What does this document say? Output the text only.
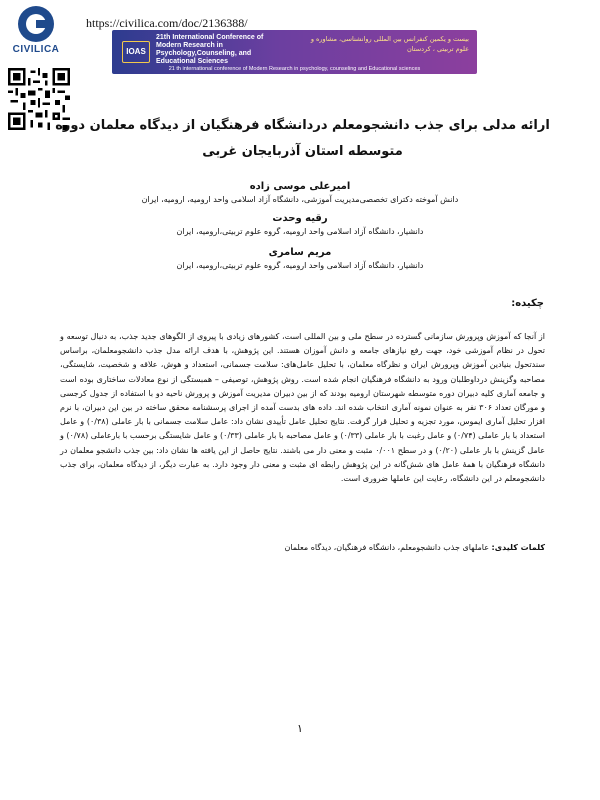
CIVILICA
https://civilica.com/doc/2136388/
IOAS
21th International Conference of Modern Research in Psychology,Counseling, and Educational Sciences
بیست و یکمین کنفرانس بین المللی روانشناسی، مشاوره و علوم تربیتی ، کردستان
21 th international conference of Modern Research in psychology, counseling and Educational sciences
ارائه مدلی برای جذب دانشجومعلم دردانشگاه فرهنگیان از دیدگاه معلمان دوره متوسطه استان آذربایجان غربی
امیرعلی موسی زاده
دانش آموخته دکترای تخصصی‌مدیریت آموزشی، دانشگاه آزاد اسلامی واحد ارومیه، ارومیه، ایران
رقیه وحدت
دانشیار، دانشگاه آزاد اسلامی واحد ارومیه، گروه علوم تربیتی،ارومیه، ایران
مریم سامری
دانشیار، دانشگاه آزاد اسلامی واحد ارومیه، گروه علوم تربیتی،ارومیه، ایران
چکیده:
از آنجا که آموزش وپرورش سازمانی گسترده در سطح ملی و بین المللی است، کشورهای زیادی با پیروی از الگوهای جدید جذب، به دنبال توسعه و تحول در نظام آموزشی خود، جهت رفع نیازهای جامعه و دانش آموزان هستند. این پژوهش، با هدف ارائه مدل جذب دانشجومعلمان، براساس سندتحول بنیادین آموزش وپرورش ایران و نظرگاه معلمان، با تحلیل عامل‌های: سلامت جسمانی، استعداد و هوش، علاقه و شخصیت، شایستگی، مصاحبه وگزینش درداوطلبان ورود به دانشگاه فرهنگیان انجام شده است. روش پژوهش، توصیفی – همبستگی از نوع معادلات ساختاری بوده است و جامعه آماری کلیه دبیران دوره متوسطه شهرستان ارومیه بودند که از بین دبیران مدیریت آموزش و پرورش ناحیه دو با استفاده از جدول کرجسی و مورگان تعداد ۳۰۶ نفر به عنوان نمونه آماری انتخاب شده اند. داده های بدست آمده از اجرای پرسشنامه محقق ساخته در بین این دبیران، با نرم افزار تحلیل آماری ایموس، مورد تجزیه و تحلیل قرار گرفت. نتایج تحلیل عامل تأییدی نشان داد: عامل سلامت جسمانی با بار عاملی (۰/۳۸) و عامل استعداد با بار عاملی (۰/۷۴) و عامل رغبت با بار عاملی (۰/۳۳) و عامل مصاحبه با بار عاملی (۰/۳۳) و عامل شایستگی برحسب با بارعاملی (۰/۷۸) و عامل گزینش با بار عاملی (۰/۲۰) و در سطح ۰/۰۰۱ مثبت و معنی دار می باشند. نتایج حاصل از این یافته ها نشان داد: بین جذب دانشجو معلمان در دانشگاه فرهنگیان با همهٔ عامل های شش‌گانه در این پژوهش رابطه ای مثبت و معنی دار وجود دارد. به عبارت دیگر، از دیدگاه معلمان، برای جذب دانشجومعلم در این دانشگاه، رعایت این عاملها ضروری است.
کلمات کلیدی: عاملهای جذب دانشجومعلم، دانشگاه فرهنگیان، دیدگاه معلمان
۱
